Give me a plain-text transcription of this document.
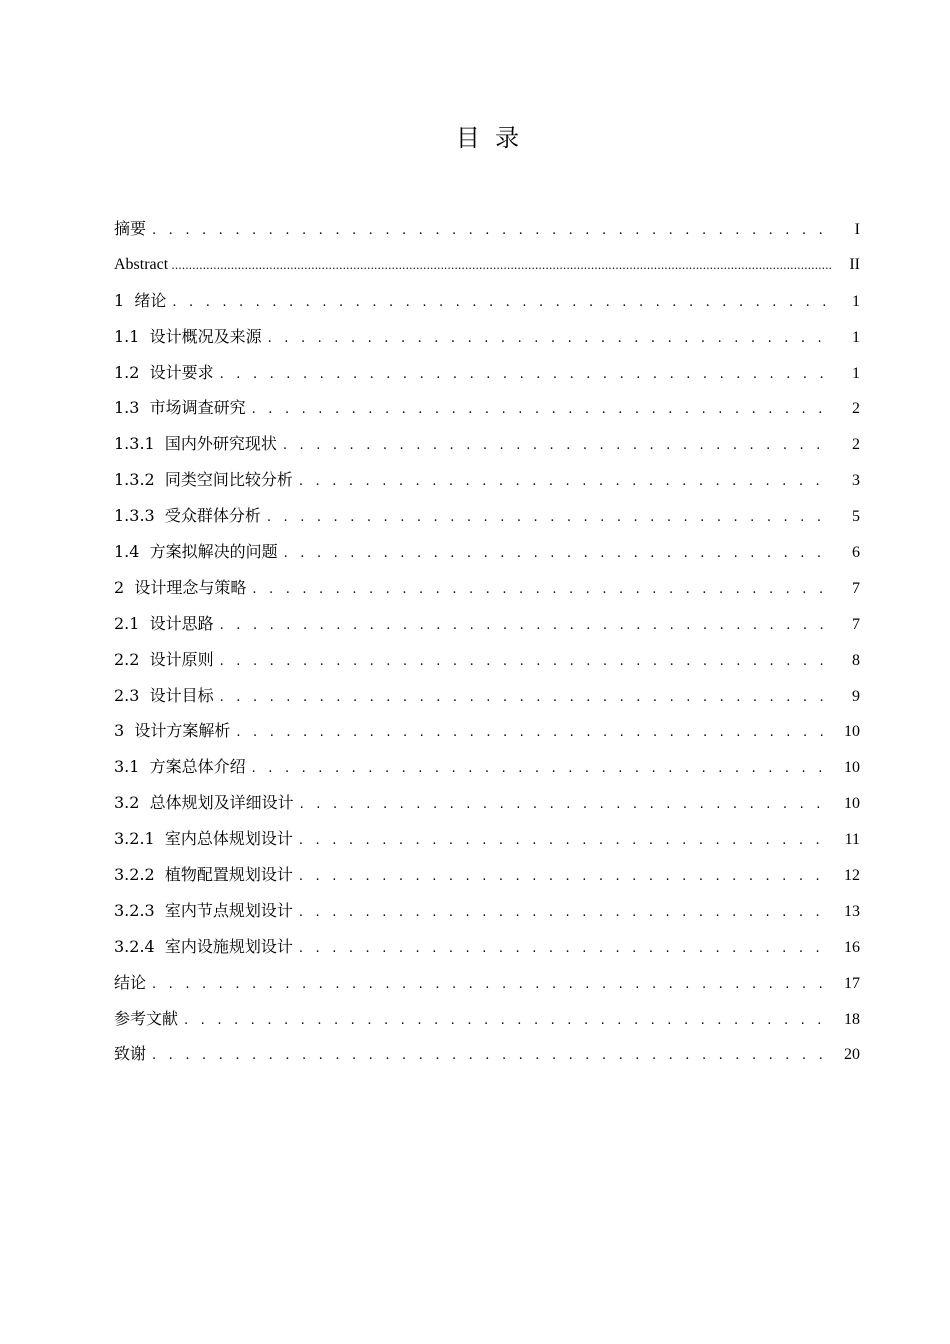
目  录
摘要 . . .	I
Abstract .....	II
1  绪论 . . .	1
1.1  设计概况及来源 . . .	1
1.2  设计要求 . . .	1
1.3  市场调查研究 . . .	2
1.3.1  国内外研究现状 . . .	2
1.3.2  同类空间比较分析 . . .	3
1.3.3  受众群体分析 . . .	5
1.4  方案拟解决的问题 . . .	6
2  设计理念与策略 . . .	7
2.1  设计思路 . . .	7
2.2  设计原则 . . .	8
2.3  设计目标 . . .	9
3  设计方案解析 . . .	10
3.1  方案总体介绍 . . .	10
3.2  总体规划及详细设计 . . .	10
3.2.1  室内总体规划设计 . . .	11
3.2.2  植物配置规划设计 . . .	12
3.2.3  室内节点规划设计 . . .	13
3.2.4  室内设施规划设计 . . .	16
结论 . . .	17
参考文献 . . .	18
致谢 . . .	20
